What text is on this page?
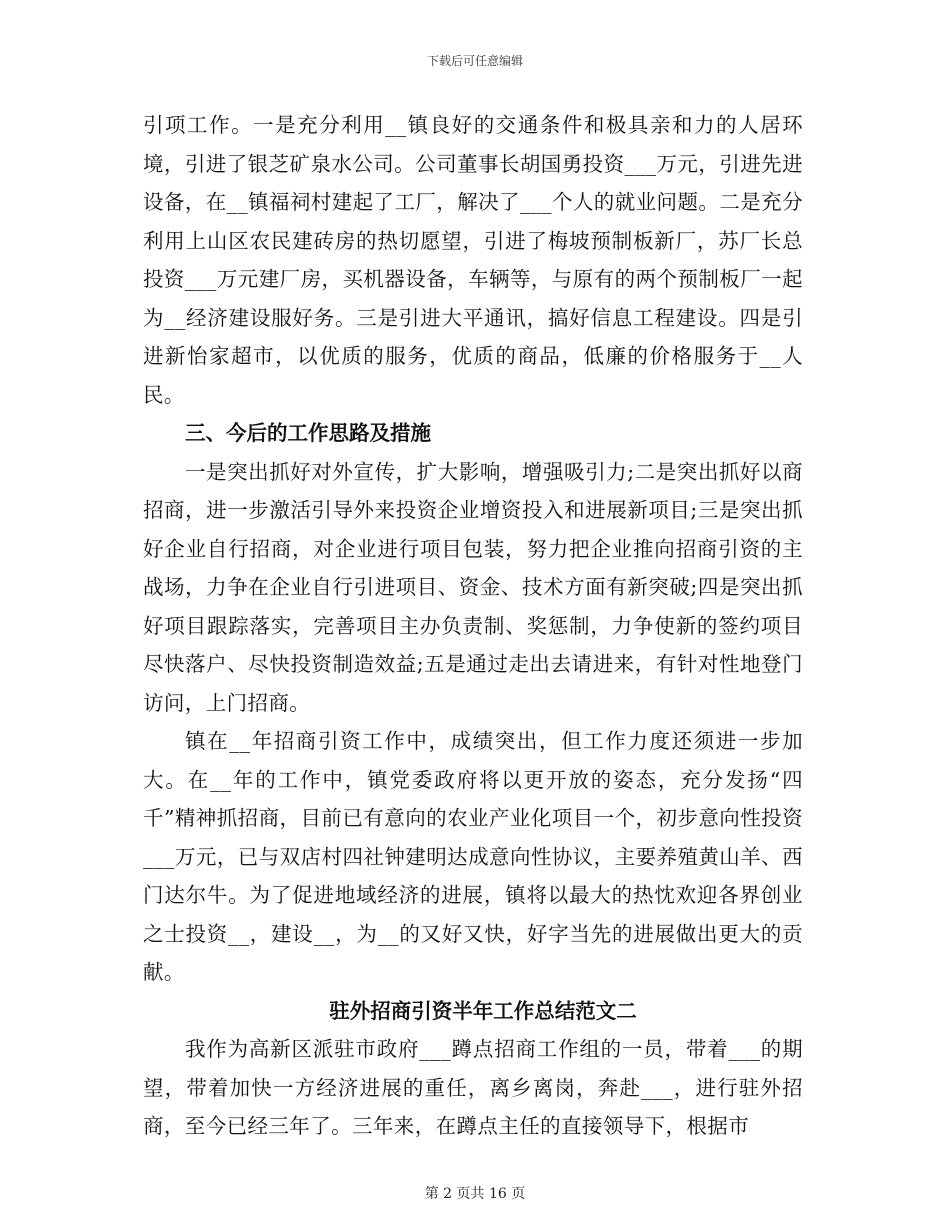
下载后可任意编辑

引项工作。一是充分利用__镇良好的交通条件和极具亲和力的人居环境，引进了银芝矿泉水公司。公司董事长胡国勇投资___万元，引进先进设备，在__镇福祠村建起了工厂，解决了___个人的就业问题。二是充分利用上山区农民建砖房的热切愿望，引进了梅坡预制板新厂，苏厂长总投资___万元建厂房，买机器设备，车辆等，与原有的两个预制板厂一起为__经济建设服好务。三是引进大平通讯，搞好信息工程建设。四是引进新怡家超市，以优质的服务，优质的商品，低廉的价格服务于__人民。

三、今后的工作思路及措施

一是突出抓好对外宣传，扩大影响，增强吸引力;二是突出抓好以商招商，进一步激活引导外来投资企业增资投入和进展新项目;三是突出抓好企业自行招商，对企业进行项目包装，努力把企业推向招商引资的主战场，力争在企业自行引进项目、资金、技术方面有新突破;四是突出抓好项目跟踪落实，完善项目主办负责制、奖惩制，力争使新的签约项目尽快落户、尽快投资制造效益;五是通过走出去请进来，有针对性地登门访问，上门招商。

镇在__年招商引资工作中，成绩突出，但工作力度还须进一步加大。在__年的工作中，镇党委政府将以更开放的姿态，充分发扬“四千”精神抓招商，目前已有意向的农业产业化项目一个，初步意向性投资___万元，已与双店村四社钟建明达成意向性协议，主要养殖黄山羊、西门达尔牛。为了促进地域经济的进展，镇将以最大的热忱欢迎各界创业之士投资__，建设__，为__的又好又快，好字当先的进展做出更大的贡献。

驻外招商引资半年工作总结范文二

我作为高新区派驻市政府___蹲点招商工作组的一员，带着___的期望，带着加快一方经济进展的重任，离乡离岗，奔赴___，进行驻外招商，至今已经三年了。三年来，在蹲点主任的直接领导下，根据市

第 2 页共 16 页
